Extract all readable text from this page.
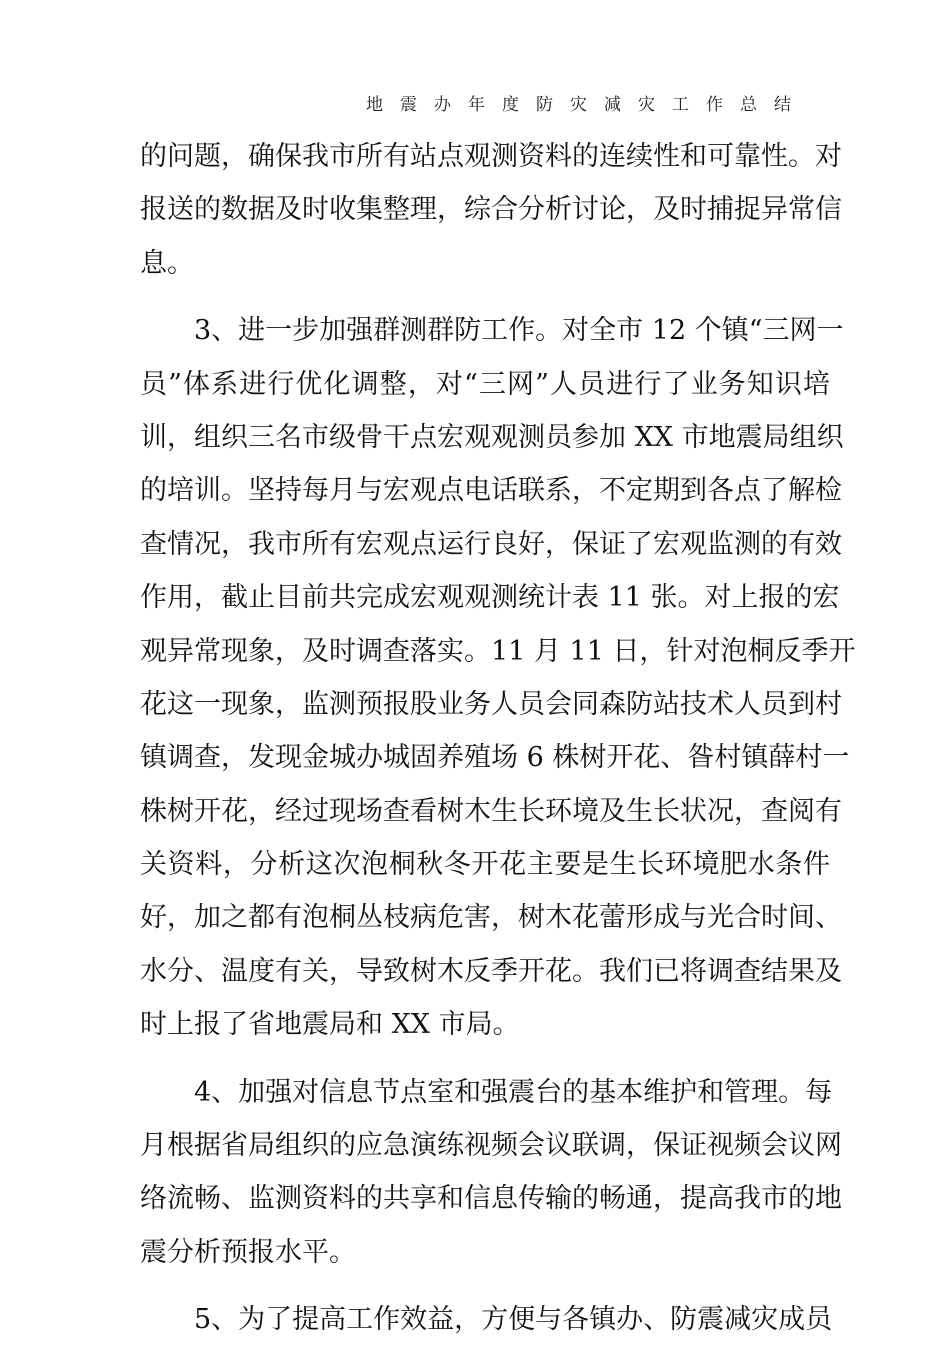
地震办年度防灾减灾工作总结
的问题，确保我市所有站点观测资料的连续性和可靠性。对
报送的数据及时收集整理，综合分析讨论，及时捕捉异常信
息。
3、进一步加强群测群防工作。对全市 12 个镇“三网一
员”体系进行优化调整，对“三网”人员进行了业务知识培
训，组织三名市级骨干点宏观观测员参加 XX 市地震局组织
的培训。坚持每月与宏观点电话联系，不定期到各点了解检
查情况，我市所有宏观点运行良好，保证了宏观监测的有效
作用，截止目前共完成宏观观测统计表 11 张。对上报的宏
观异常现象，及时调查落实。11 月 11 日，针对泡桐反季开
花这一现象，监测预报股业务人员会同森防站技术人员到村
镇调查，发现金城办城固养殖场 6 株树开花、昝村镇薛村一
株树开花，经过现场查看树木生长环境及生长状况，查阅有
关资料，分析这次泡桐秋冬开花主要是生长环境肥水条件
好，加之都有泡桐丛枝病危害，树木花蕾形成与光合时间、
水分、温度有关，导致树木反季开花。我们已将调查结果及
时上报了省地震局和 XX 市局。
4、加强对信息节点室和强震台的基本维护和管理。每
月根据省局组织的应急演练视频会议联调，保证视频会议网
络流畅、监测资料的共享和信息传输的畅通，提高我市的地
震分析预报水平。
5、为了提高工作效益，方便与各镇办、防震减灾成员
